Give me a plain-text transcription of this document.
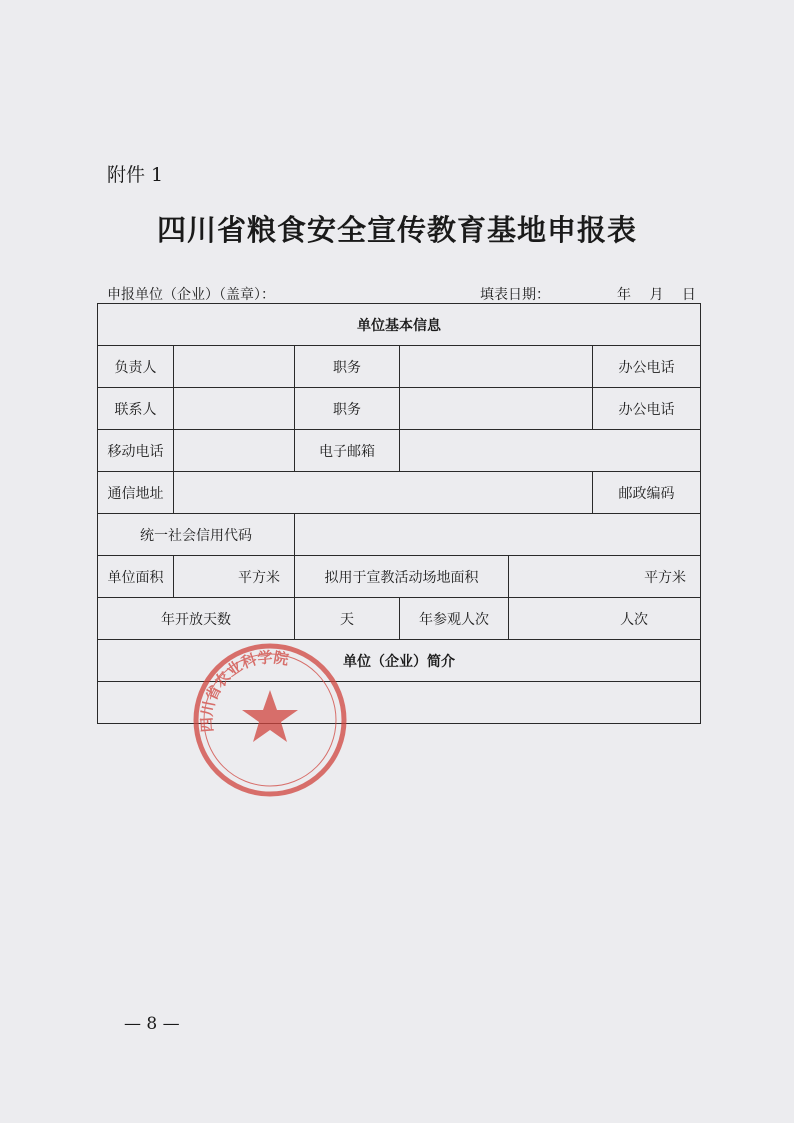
附件 1
四川省粮食安全宣传教育基地申报表
申报单位（企业）（盖章）：	填表日期：	年 月 日
单位基本信息					
负责人		职务			办公电话
联系人		职务			办公电话
移动电话		电子邮箱			
通信地址					邮政编码
统一社会信用代码					
单位面积	平方米	拟用于宣教活动场地面积		平方米	
年开放天数		天	年参观人次	人次	
单位（企业）简介					

四川省农业科学院
— 8 —
